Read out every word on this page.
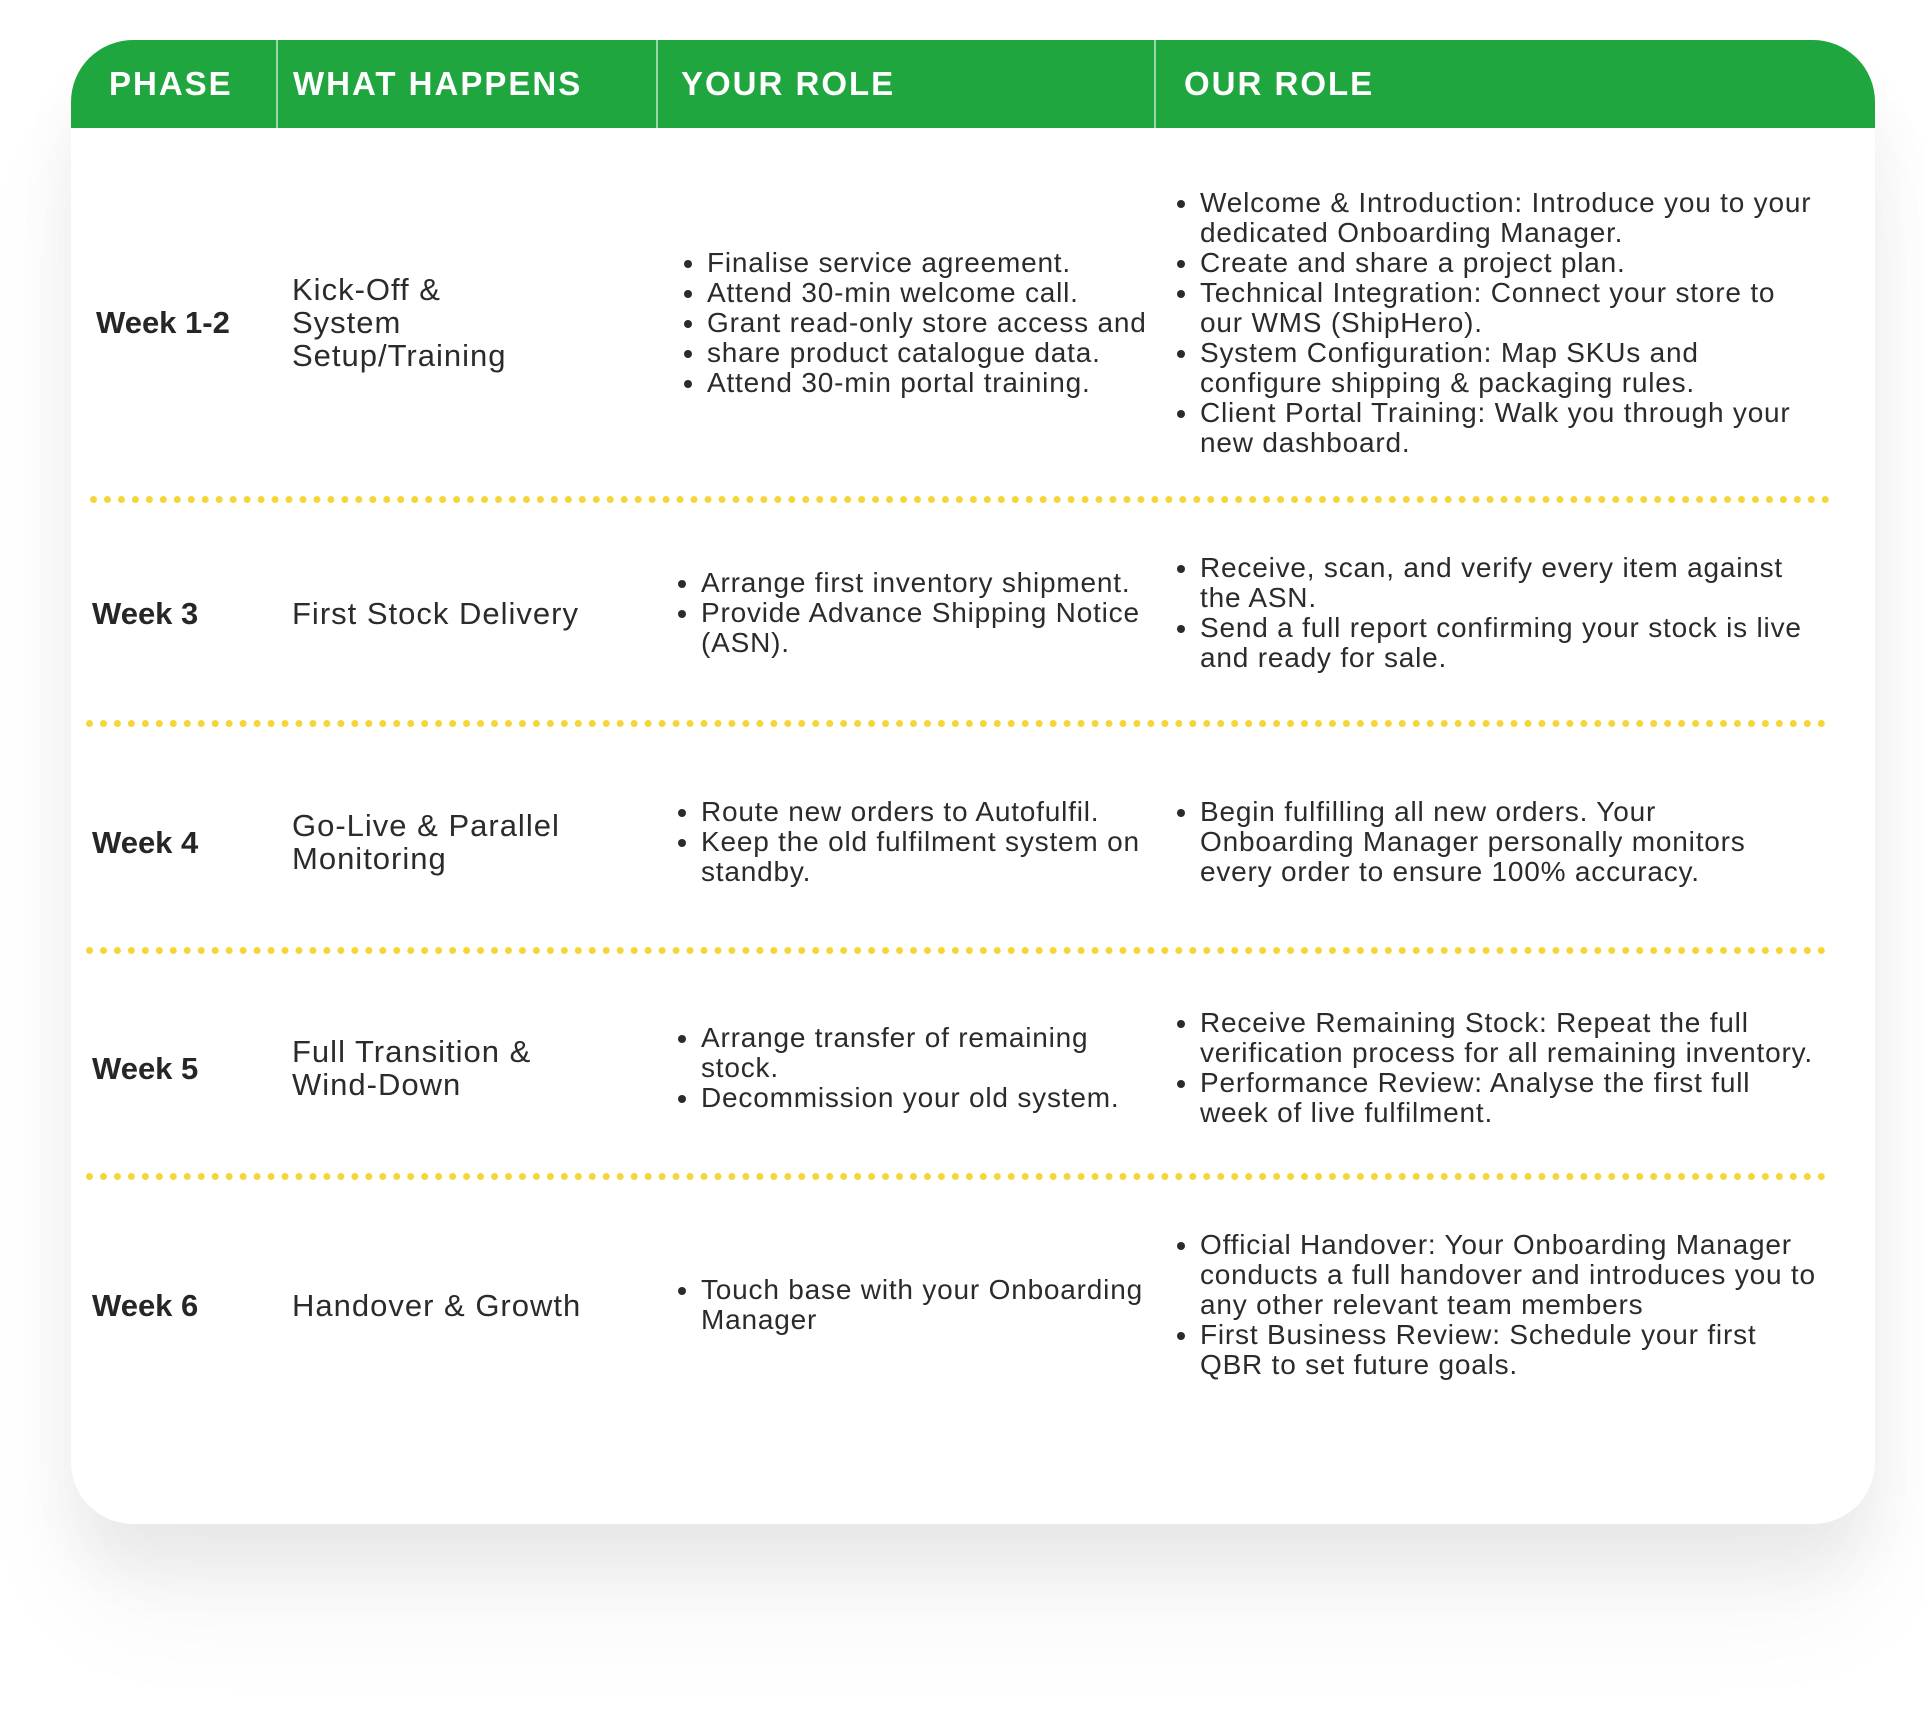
PHASE WHAT HAPPENS	YOUR ROLE	OUR ROLE
Week 1-2
Kick-Off & System Setup/Training
• Finalise service agreement.
• Attend 30-min welcome call.
• Grant read-only store access and
• share product catalogue data.
• Attend 30-min portal training.
• Welcome & Introduction: Introduce you to your dedicated Onboarding Manager.
• Create and share a project plan.
• Technical Integration: Connect your store to our WMS (ShipHero).
• System Configuration: Map SKUs and configure shipping & packaging rules.
• Client Portal Training: Walk you through your new dashboard.
Week 3	First Stock Delivery
• Arrange first inventory shipment.
• Provide Advance Shipping Notice (ASN).
• Receive, scan, and verify every item against the ASN.
• Send a full report confirming your stock is live and ready for sale.
Week 4	Go-Live & Parallel Monitoring
• Route new orders to Autofulfil.
• Keep the old fulfilment system on standby.
• Begin fulfilling all new orders. Your Onboarding Manager personally monitors every order to ensure 100% accuracy.
Week 5	Full Transition & Wind-Down
• Arrange transfer of remaining stock.
• Decommission your old system.
• Receive Remaining Stock: Repeat the full verification process for all remaining inventory.
• Performance Review: Analyse the first full week of live fulfilment.
Week 6	Handover & Growth
•	Touch base with your Onboarding Manager
• Official Handover: Your Onboarding Manager conducts a full handover and introduces you to any other relevant team members
• First Business Review: Schedule your first QBR to set future goals.
